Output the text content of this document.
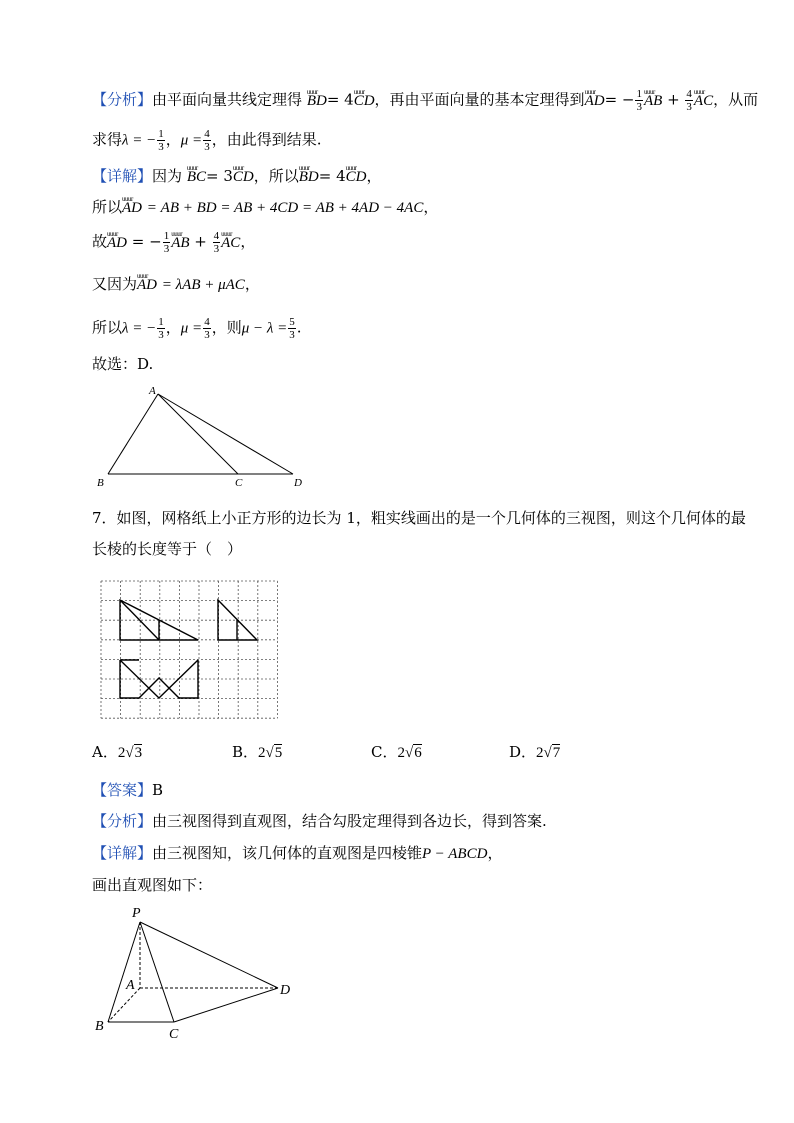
【分析】由平面向量共线定理得 uuur BD= 4uuur CD，再由平面向量的基本定理得到uuur $AD= - \frac{1}{3}$ uuur AB + $\frac{4}{3}$ uuur AC，从而
求得λ = − $\frac{1}{3}$ ，$\mu = \frac{4}{3}$ ，由此得到结果.
【详解】因为 uuur BC= 3uuur CD，所以uuur BD= 4uuur CD，
所以uuur AD = AB + BD = AB + 4CD = AB + 4AD − 4AC，
故uuur AD = − $\frac{1}{3}$ uuur AB + $\frac{4}{3}$ uuur AC，
又因为uuur AD = λAB + μAC，
所以λ = − $\frac{1}{3}$ ，$\mu = \frac{4}{3}$ ，则$\mu - \lambda = \frac{5}{3}$ .
故选：D.
A
B	C	D
7．如图，网格纸上小正方形的边长为 1，粗实线画出的是一个几何体的三视图，则这个几何体的最
长棱的长度等于（　）
A．2√3	B．2√5	C．2√6	D．2√7
【答案】B
【分析】由三视图得到直观图，结合勾股定理得到各边长，得到答案.
【详解】由三视图知，该几何体的直观图是四棱锥P − ABCD，
画出直观图如下：
P
A
B
C
D
